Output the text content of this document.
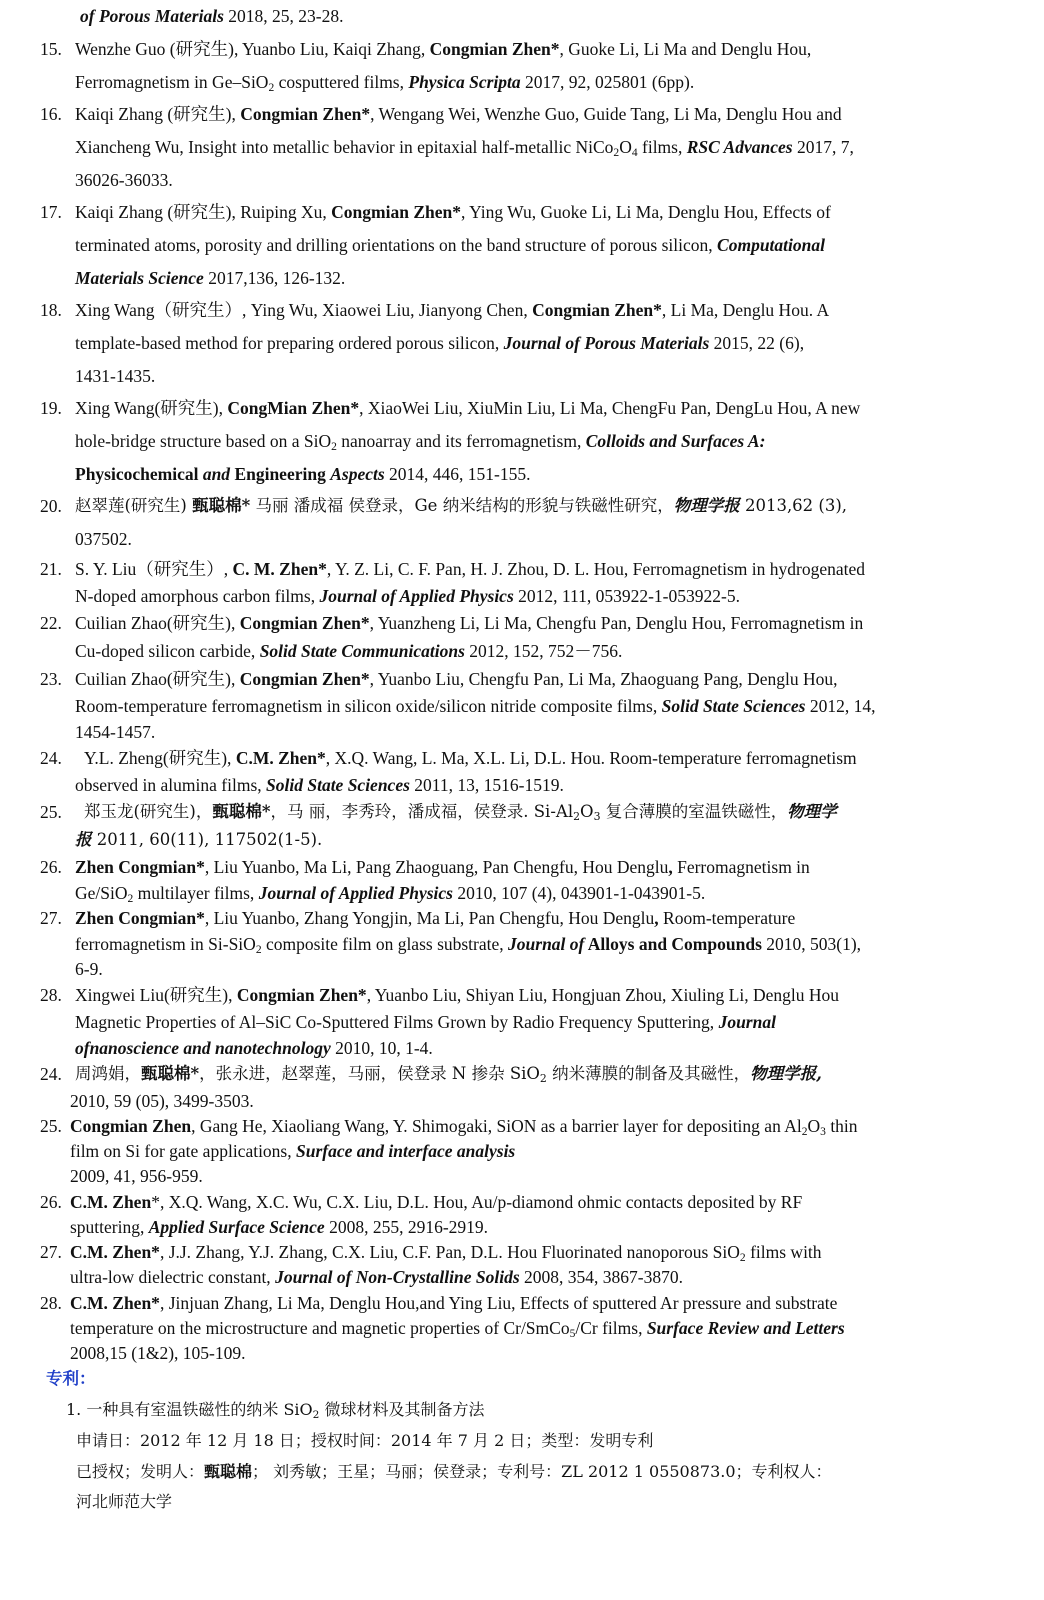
of Porous Materials 2018, 25, 23-28.
15. Wenzhe Guo (研究生), Yuanbo Liu, Kaiqi Zhang, Congmian Zhen*, Guoke Li, Li Ma and Denglu Hou,
Ferromagnetism in Ge–SiO$_2$ cosputtered films, Physica Scripta 2017, 92, 025801 (6pp).
16. Kaiqi Zhang (研究生), Congmian Zhen*, Wengang Wei, Wenzhe Guo, Guide Tang, Li Ma, Denglu Hou and
Xiancheng Wu, Insight into metallic behavior in epitaxial half-metallic $NiCo_2O_4$ films, RSC Advances 2017, 7,
36026-36033.
17. Kaiqi Zhang (研究生), Ruiping Xu, Congmian Zhen*, Ying Wu, Guoke Li, Li Ma, Denglu Hou, Effects of
terminated atoms, porosity and drilling orientations on the band structure of porous silicon, Computational
Materials Science 2017,136, 126-132.
18. Xing Wang（研究生）, Ying Wu, Xiaowei Liu, Jianyong Chen, Congmian Zhen*, Li Ma, Denglu Hou. A
template-based method for preparing ordered porous silicon, Journal of Porous Materials 2015, 22 (6),
1431-1435.
19. Xing Wang(研究生), CongMian Zhen*, XiaoWei Liu, XiuMin Liu, Li Ma, ChengFu Pan, DengLu Hou, A new
hole-bridge structure based on a SiO$_2$ nanoarray and its ferromagnetism, Colloids and Surfaces A:
Physicochemical and Engineering Aspects 2014, 446, 151-155.
20. 赵翠莲(研究生) 甄聪棉* 马丽 潘成福 侯登录，Ge 纳米结构的形貌与铁磁性研究，物理学报 2013,62 (3),
037502.
21. S. Y. Liu（研究生）, C. M. Zhen*, Y. Z. Li, C. F. Pan, H. J. Zhou, D. L. Hou, Ferromagnetism in hydrogenated
N-doped amorphous carbon films, Journal of Applied Physics 2012, 111, 053922-1-053922-5.
22. Cuilian Zhao(研究生), Congmian Zhen*, Yuanzheng Li, Li Ma, Chengfu Pan, Denglu Hou, Ferromagnetism in
Cu-doped silicon carbide, Solid State Communications 2012, 152, 752－756.
23. Cuilian Zhao(研究生), Congmian Zhen*, Yuanbo Liu, Chengfu Pan, Li Ma, Zhaoguang Pang, Denglu Hou,
Room-temperature ferromagnetism in silicon oxide/silicon nitride composite films, Solid State Sciences 2012, 14,
1454-1457.
24. Y.L. Zheng(研究生), C.M. Zhen*, X.Q. Wang, L. Ma, X.L. Li, D.L. Hou. Room-temperature ferromagnetism
observed in alumina films, Solid State Sciences 2011, 13, 1516-1519.
25. 郑玉龙(研究生)，甄聪棉*，马 丽，李秀玲，潘成福，侯登录. $Si-Al_2O_3$ 复合薄膜的室温铁磁性，物理学
报 2011, 60(11), 117502(1-5).
26. Zhen Congmian*, Liu Yuanbo, Ma Li, Pang Zhaoguang, Pan Chengfu, Hou Denglu, Ferromagnetism in
Ge/SiO$_2$ multilayer films, Journal of Applied Physics 2010, 107 (4), 043901-1-043901-5.
27. Zhen Congmian*, Liu Yuanbo, Zhang Yongjin, Ma Li, Pan Chengfu, Hou Denglu, Room-temperature
ferromagnetism in Si-SiO$_2$ composite film on glass substrate, Journal of Alloys and Compounds 2010, 503(1),
6-9.
28. Xingwei Liu(研究生), Congmian Zhen*, Yuanbo Liu, Shiyan Liu, Hongjuan Zhou, Xiuling Li, Denglu Hou
Magnetic Properties of Al–SiC Co-Sputtered Films Grown by Radio Frequency Sputtering, Journal
ofnanoscience and nanotechnology 2010, 10, 1-4.
24. 周鸿娟，甄聪棉*，张永进，赵翠莲，马丽，侯登录 N 掺杂 SiO$_2$ 纳米薄膜的制备及其磁性，物理学报,
2010, 59 (05), 3499-3503.
25. Congmian Zhen, Gang He, Xiaoliang Wang, Y. Shimogaki, SiON as a barrier layer for depositing an $Al_2O_3$ thin
film on Si for gate applications, Surface and interface analysis
2009, 41, 956-959.
26. C.M. Zhen*, X.Q. Wang, X.C. Wu, C.X. Liu, D.L. Hou, Au/p-diamond ohmic contacts deposited by RF
sputtering, Applied Surface Science 2008, 255, 2916-2919.
27. C.M. Zhen*, J.J. Zhang, Y.J. Zhang, C.X. Liu, C.F. Pan, D.L. Hou Fluorinated nanoporous SiO$_2$ films with
ultra-low dielectric constant, Journal of Non-Crystalline Solids 2008, 354, 3867-3870.
28. C.M. Zhen*, Jinjuan Zhang, Li Ma, Denglu Hou,and Ying Liu, Effects of sputtered Ar pressure and substrate
temperature on the microstructure and magnetic properties of Cr/SmCo$_5$/Cr films, Surface Review and Letters
2008,15 (1&2), 105-109.
专利：
1. 一种具有室温铁磁性的纳米 SiO$_2$ 微球材料及其制备方法
申请日：2012 年 12 月 18 日；授权时间：2014 年 7 月 2 日；类型：发明专利
已授权；发明人：甄聪棉； 刘秀敏；王星；马丽；侯登录；专利号：ZL 2012 1 0550873.0；专利权人：
河北师范大学
